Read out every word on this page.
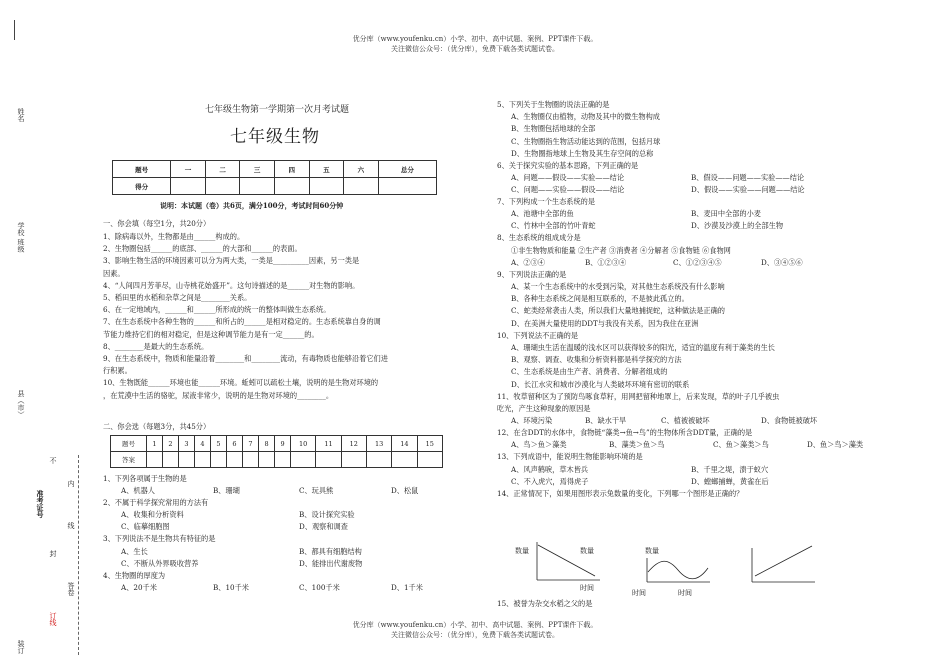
优分库（www.youfenku.cn）小学、初中、高中试题、案例、PPT课件下载。
关注微信公众号：（优分库），免费下载各类试题试卷。
姓名
学校 班级
县（市）
不
内
准考证号
线
封
答卷
订线
装订
七年级生物第一学期第一次月考试题
七年级生物
题号	一	二	三	四	五	六	总分
得分							
说明：本试题（卷）共6页，满分100分，考试时间60分钟
一、你会填（每空1分，共20分）
1、除病毒以外，生物都是由______构成的。
2、生物圈包括______的底部、______的大部和______的表面。
3、影响生物生活的环境因素可以分为两大类，一类是__________因素，另一类是
因素。
4、“人间四月芳菲尽，山寺桃花始盛开”。这句诗描述的是______对生物的影响。
5、稻田里的水稻和杂草之间是________关系。
6、在一定地域内，______和______所形成的统一的整体叫做生态系统。
7、在生态系统中各种生物的______和所占的______是相对稳定的。生态系统靠自身的调
节能力维持它们的相对稳定，但是这种调节能力是有一定______的。
8、________是最大的生态系统。
9、在生态系统中，物质和能量沿着________和________流动，有毒物质也能够沿着它们进
行积累。
10、生物既能______环境也能______环境。蚯蚓可以疏松土壤，说明的是生物对环境的
，在荒漠中生活的骆驼，尿液非常少，说明的是生物对环境的________。
二、你会选（每题3分，共45分）
题号	1	2	3	4	5	6	7	8	9	10	11	12	13	14	15
答案															
1、下列各项属于生物的是
A、机器人	B、珊瑚	C、玩具熊	D、松鼠
2、不属于科学探究常用的方法有
A、收集和分析资料	B、设计探究实验
C、临摹细胞图	D、观察和调查
3、下列说法不是生物共有特征的是
A、生长	B、都具有细胞结构
C、不断从外界吸收营养	D、能排出代谢废物
4、生物圈的厚度为
A、20千米	B、10千米	C、100千米	D、1千米
5、下列关于生物圈的说法正确的是
A、生物圈仅由植物，动物及其中的微生物构成
B、生物圈包括地球的全部
C、生物圈指生物活动能达到的范围，包括月球
D、生物圈指地球上生物及其生存空间的总称
6、关于探究实验的基本思路，下列正确的是
A、问题——假设——实验——结论	B、假设——问题——实验——结论
C、问题——实验——假设——结论	D、假设——实验——问题——结论
7、下列构成一个生态系统的是
A、池塘中全部的鱼	B、麦田中全部的小麦
C、竹林中全部的竹叶青蛇	D、沙漠及沙漠上的全部生物
8、生态系统的组成成分是
①非生物物质和能量 ②生产者 ③消费者 ④分解者 ⑤食物链 ⑥食物网
A、②③④	B、①②③④	C、①②③④⑤	D、③④⑤⑥
9、下列说法正确的是
A、某一个生态系统中的水受到污染，对其他生态系统没有什么影响
B、各种生态系统之间是相互联系的，不是彼此孤立的。
C、蛇类经常袭击人类，所以我们大量地捕捉蛇，这种做法是正确的
D、在美洲大量使用的DDT与我没有关系，因为我住在亚洲
10、下列说法不正确的是
A、珊瑚虫生活在温暖的浅水区可以获得较多的阳光，适宜的温度有利于藻类的生长
B、观察、调查、收集和分析资料都是科学探究的方法
C、生态系统是由生产者、消费者、分解者组成的
D、长江水灾和城市沙漠化与人类破坏环境有密切的联系
11、牧草留种区为了预防鸟啄食草籽，用网把留种地罩上，后来发现，草的叶子几乎被虫
吃光，产生这种现象的原因是
A、环境污染	B、缺水干旱	C、植被被破坏	D、食物链被破坏
12、在含DDT的水体中，食物链“藻类→鱼→鸟”的生物体所含DDT量，正确的是
A、鸟＞鱼＞藻类	B、藻类＞鱼＞鸟	C、鱼＞藻类＞鸟	D、鱼＞鸟＞藻类
13、下列成语中，能说明生物能影响环境的是
A、风声鹤唳，草木皆兵	B、千里之堤，溃于蚁穴
C、不入虎穴，焉得虎子	D、螳螂捕蝉，黄雀在后
14、正常情况下，如果用图形表示兔数量的变化，下列哪一个图形是正确的？
数量	数量
时间
数量
时间	时间
15、被誉为杂交水稻之父的是
优分库（www.youfenku.cn）小学、初中、高中试题、案例、PPT课件下载。
关注微信公众号：（优分库），免费下载各类试题试卷。
